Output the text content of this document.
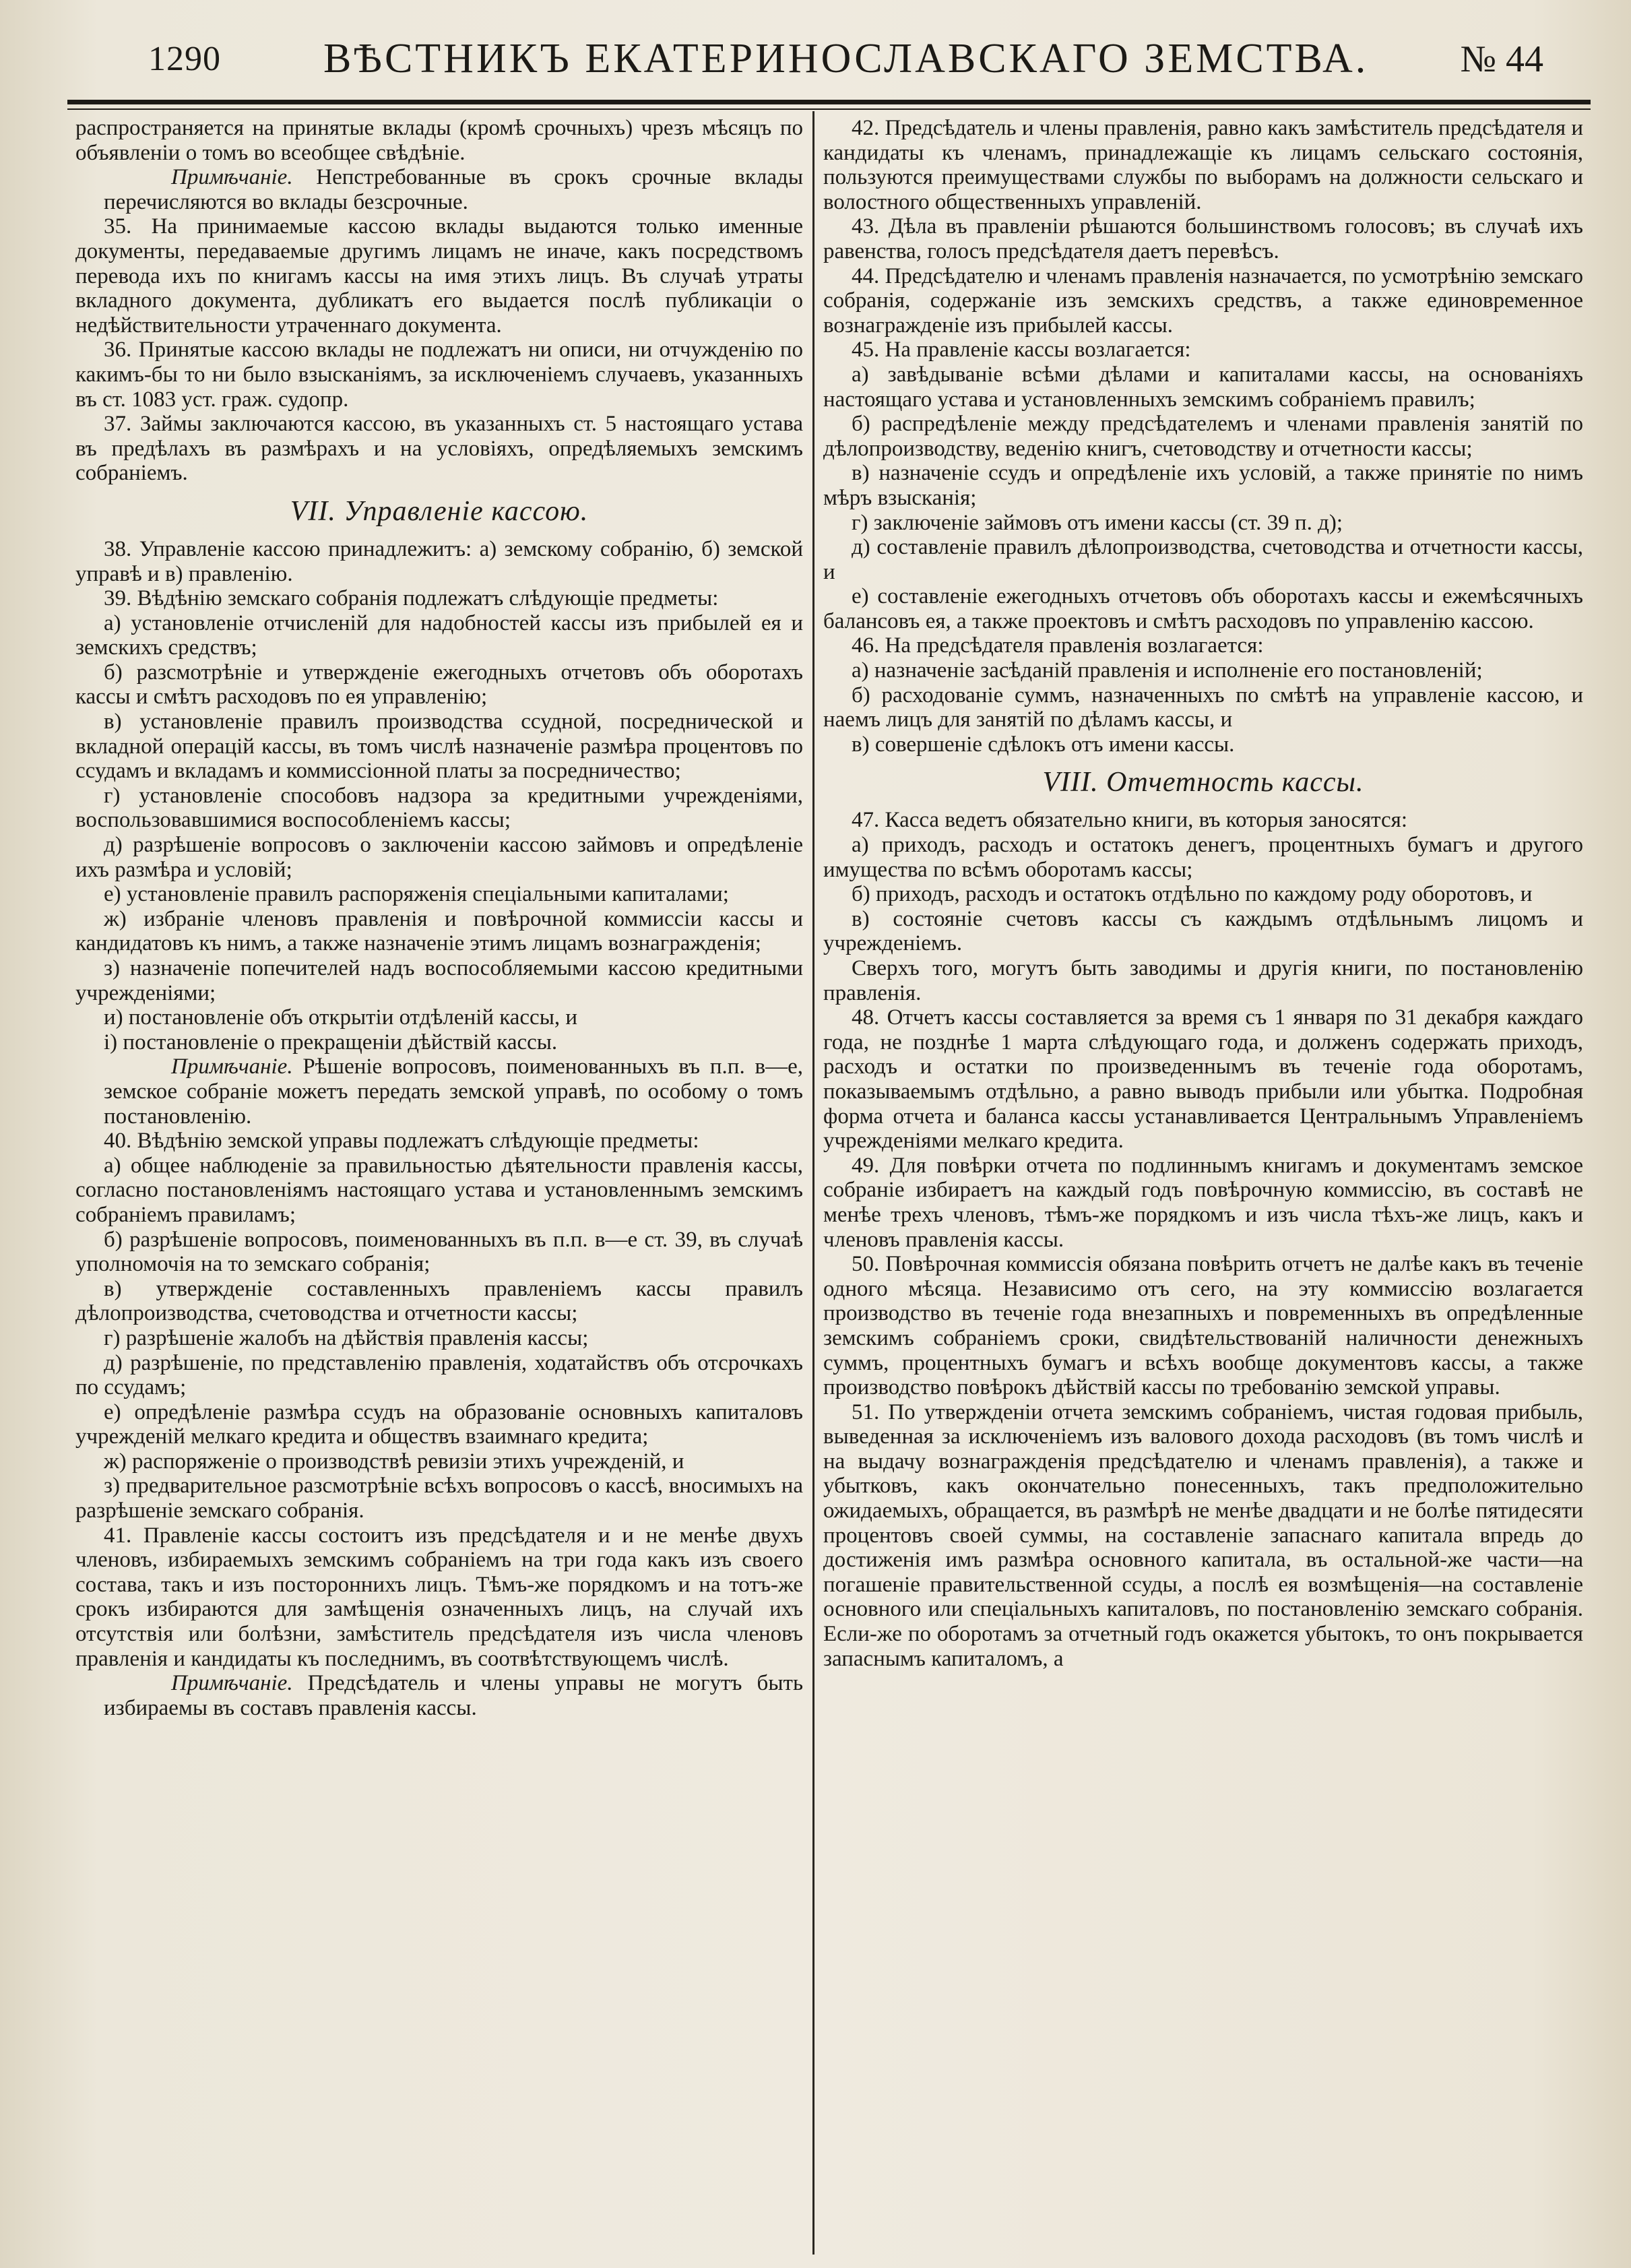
1290 ВѢСТНИКЪ ЕКАТЕРИНОСЛАВСКАГО ЗЕМСТВА. № 44

распространяется на принятые вклады (кромѣ срочныхъ) чрезъ мѣсяцъ по объявленіи о томъ во всеобщее свѣдѣніе.

Примѣчаніе. Непстребованные въ срокъ срочные вклады перечисляются во вклады безсрочные.

35. На принимаемые кассою вклады выдаются только именные документы, передаваемые другимъ лицамъ не иначе, какъ посредствомъ перевода ихъ по книгамъ кассы на имя этихъ лицъ. Въ случаѣ утраты вкладного документа, дубликатъ его выдается послѣ публикаціи о недѣйствительности утраченнаго документа.

36. Принятые кассою вклады не подлежатъ ни описи, ни отчужденію по какимъ-бы то ни было взысканіямъ, за исключеніемъ случаевъ, указанныхъ въ ст. 1083 уст. граж. судопр.

37. Займы заключаются кассою, въ указанныхъ ст. 5 настоящаго устава въ предѣлахъ въ размѣрахъ и на условіяхъ, опредѣляемыхъ земскимъ собраніемъ.

VII. Управленіе кассою.

38. Управленіе кассою принадлежитъ: а) земскому собранію, б) земской управѣ и в) правленію.

39. Вѣдѣнію земскаго собранія подлежатъ слѣдующіе предметы:

а) установленіе отчисленій для надобностей кассы изъ прибылей ея и земскихъ средствъ;

б) разсмотрѣніе и утвержденіе ежегодныхъ отчетовъ объ оборотахъ кассы и смѣтъ расходовъ по ея управленію;

в) установленіе правилъ производства ссудной, посреднической и вкладной операцій кассы, въ томъ числѣ назначеніе размѣра процентовъ по ссудамъ и вкладамъ и коммиссіонной платы за посредничество;

г) установленіе способовъ надзора за кредитными учрежденіями, воспользовавшимися воспособленіемъ кассы;

д) разрѣшеніе вопросовъ о заключеніи кассою займовъ и опредѣленіе ихъ размѣра и условій;

е) установленіе правилъ распоряженія спеціальными капиталами;

ж) избраніе членовъ правленія и повѣрочной коммиссіи кассы и кандидатовъ къ нимъ, а также назначеніе этимъ лицамъ вознагражденія;

з) назначеніе попечителей надъ воспособляемыми кассою кредитными учрежденіями;

и) постановленіе объ открытіи отдѣленій кассы, и

і) постановленіе о прекращеніи дѣйствій кассы.

Примѣчаніе. Рѣшеніе вопросовъ, поименованныхъ въ п.п. в—е, земское собраніе можетъ передать земской управѣ, по особому о томъ постановленію.

40. Вѣдѣнію земской управы подлежатъ слѣдующіе предметы:

а) общее наблюденіе за правильностью дѣятельности правленія кассы, согласно постановленіямъ настоящаго устава и установленнымъ земскимъ собраніемъ правиламъ;

б) разрѣшеніе вопросовъ, поименованныхъ въ п.п. в—е ст. 39, въ случаѣ уполномочія на то земскаго собранія;

в) утвержденіе составленныхъ правленіемъ кассы правилъ дѣлопроизводства, счетоводства и отчетности кассы;

г) разрѣшеніе жалобъ на дѣйствія правленія кассы;

д) разрѣшеніе, по представленію правленія, ходатайствъ объ отсрочкахъ по ссудамъ;

е) опредѣленіе размѣра ссудъ на образованіе основныхъ капиталовъ учрежденій мелкаго кредита и обществъ взаимнаго кредита;

ж) распоряженіе о производствѣ ревизіи этихъ учрежденій, и

з) предварительное разсмотрѣніе всѣхъ вопросовъ о кассѣ, вносимыхъ на разрѣшеніе земскаго собранія.

41. Правленіе кассы состоитъ изъ предсѣдателя и и не менѣе двухъ членовъ, избираемыхъ земскимъ собраніемъ на три года какъ изъ своего состава, такъ и изъ постороннихъ лицъ. Тѣмъ-же порядкомъ и на тотъ-же срокъ избираются для замѣщенія означенныхъ лицъ, на случай ихъ отсутствія или болѣзни, замѣститель предсѣдателя изъ числа членовъ правленія и кандидаты къ последнимъ, въ соотвѣтствующемъ числѣ.

Примѣчаніе. Предсѣдатель и члены управы не могутъ быть избираемы въ составъ правленія кассы.

42. Предсѣдатель и члены правленія, равно какъ замѣститель предсѣдателя и кандидаты къ членамъ, принадлежащіе къ лицамъ сельскаго состоянія, пользуются преимуществами службы по выборамъ на должности сельскаго и волостного общественныхъ управленій.

43. Дѣла въ правленіи рѣшаются большинствомъ голосовъ; въ случаѣ ихъ равенства, голосъ предсѣдателя даетъ перевѣсъ.

44. Предсѣдателю и членамъ правленія назначается, по усмотрѣнію земскаго собранія, содержаніе изъ земскихъ средствъ, а также единовременное вознагражденіе изъ прибылей кассы.

45. На правленіе кассы возлагается:

а) завѣдываніе всѣми дѣлами и капиталами кассы, на основаніяхъ настоящаго устава и установленныхъ земскимъ собраніемъ правилъ;

б) распредѣленіе между предсѣдателемъ и членами правленія занятій по дѣлопроизводству, веденію книгъ, счетоводству и отчетности кассы;

в) назначеніе ссудъ и опредѣленіе ихъ условій, а также принятіе по нимъ мѣръ взысканія;

г) заключеніе займовъ отъ имени кассы (ст. 39 п. д);

д) составленіе правилъ дѣлопроизводства, счетоводства и отчетности кассы, и

е) составленіе ежегодныхъ отчетовъ объ оборотахъ кассы и ежемѣсячныхъ балансовъ ея, а также проектовъ и смѣтъ расходовъ по управленію кассою.

46. На предсѣдателя правленія возлагается:

а) назначеніе засѣданій правленія и исполненіе его постановленій;

б) расходованіе суммъ, назначенныхъ по смѣтѣ на управленіе кассою, и наемъ лицъ для занятій по дѣламъ кассы, и

в) совершеніе сдѣлокъ отъ имени кассы.

VIII. Отчетность кассы.

47. Касса ведетъ обязательно книги, въ которыя заносятся:

а) приходъ, расходъ и остатокъ денегъ, процентныхъ бумагъ и другого имущества по всѣмъ оборотамъ кассы;

б) приходъ, расходъ и остатокъ отдѣльно по каждому роду оборотовъ, и

в) состояніе счетовъ кассы съ каждымъ отдѣльнымъ лицомъ и учрежденіемъ.

Сверхъ того, могутъ быть заводимы и другія книги, по постановленію правленія.

48. Отчетъ кассы составляется за время съ 1 января по 31 декабря каждаго года, не позднѣе 1 марта слѣдующаго года, и долженъ содержать приходъ, расходъ и остатки по произведеннымъ въ теченіе года оборотамъ, показываемымъ отдѣльно, а равно выводъ прибыли или убытка. Подробная форма отчета и баланса кассы устанавливается Центральнымъ Управленіемъ учрежденіями мелкаго кредита.

49. Для повѣрки отчета по подлиннымъ книгамъ и документамъ земское собраніе избираетъ на каждый годъ повѣрочную коммиссію, въ составѣ не менѣе трехъ членовъ, тѣмъ-же порядкомъ и изъ числа тѣхъ-же лицъ, какъ и членовъ правленія кассы.

50. Повѣрочная коммиссія обязана повѣрить отчетъ не далѣе какъ въ теченіе одного мѣсяца. Независимо отъ сего, на эту коммиссію возлагается производство въ теченіе года внезапныхъ и повременныхъ въ опредѣленные земскимъ собраніемъ сроки, свидѣтельствованій наличности денежныхъ суммъ, процентныхъ бумагъ и всѣхъ вообще документовъ кассы, а также производство повѣрокъ дѣйствій кассы по требованію земской управы.

51. По утвержденіи отчета земскимъ собраніемъ, чистая годовая прибыль, выведенная за исключеніемъ изъ валового дохода расходовъ (въ томъ числѣ и на выдачу вознагражденія предсѣдателю и членамъ правленія), а также и убытковъ, какъ окончательно понесенныхъ, такъ предположительно ожидаемыхъ, обращается, въ размѣрѣ не менѣе двадцати и не болѣе пятидесяти процентовъ своей суммы, на составленіе запаснаго капитала впредь до достиженія имъ размѣра основного капитала, въ остальной-же части—на погашеніе правительственной ссуды, а послѣ ея возмѣщенія—на составленіе основного или спеціальныхъ капиталовъ, по постановленію земскаго собранія. Если-же по оборотамъ за отчетный годъ окажется убытокъ, то онъ покрывается запаснымъ капиталомъ, а
